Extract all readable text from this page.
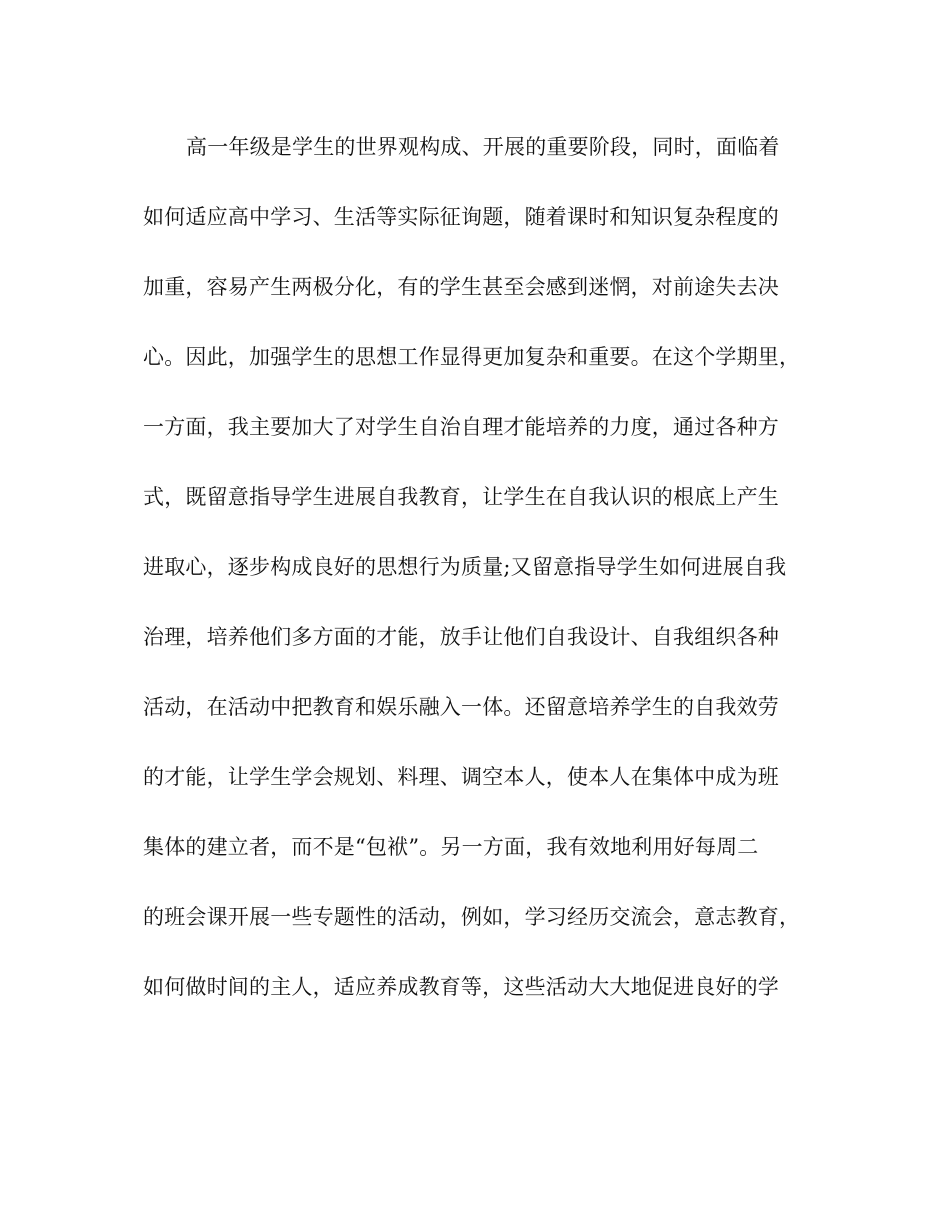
高一年级是学生的世界观构成、开展的重要阶段，同时，面临着
如何适应高中学习、生活等实际征询题，随着课时和知识复杂程度的
加重，容易产生两极分化，有的学生甚至会感到迷惘，对前途失去决
心。因此，加强学生的思想工作显得更加复杂和重要。在这个学期里，
一方面，我主要加大了对学生自治自理才能培养的力度，通过各种方
式，既留意指导学生进展自我教育，让学生在自我认识的根底上产生
进取心，逐步构成良好的思想行为质量;又留意指导学生如何进展自我
治理，培养他们多方面的才能，放手让他们自我设计、自我组织各种
活动，在活动中把教育和娱乐融入一体。还留意培养学生的自我效劳
的才能，让学生学会规划、料理、调空本人，使本人在集体中成为班
集体的建立者，而不是“包袱”。另一方面，我有效地利用好每周二
的班会课开展一些专题性的活动，例如，学习经历交流会，意志教育，
如何做时间的主人，适应养成教育等，这些活动大大地促进良好的学
